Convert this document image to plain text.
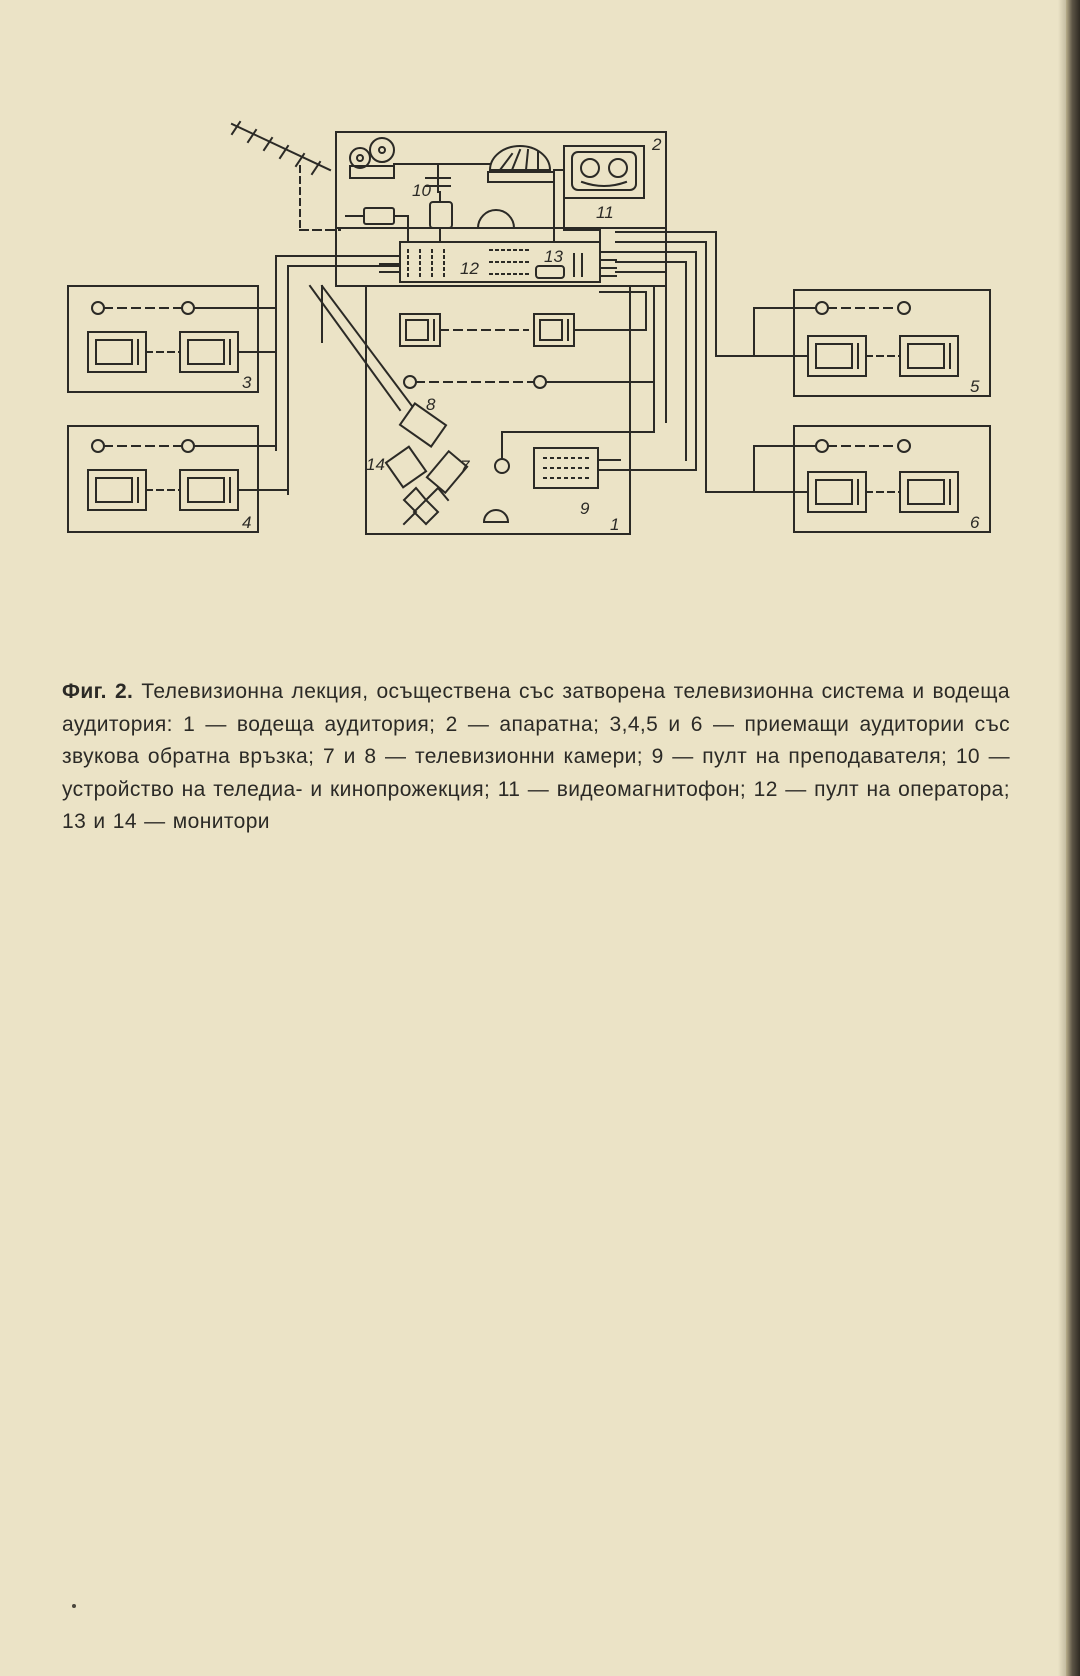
2
10
11
12
13
3
4
5
6
8
7
14
9
1
Фиг. 2. Телевизионна лекция, осъществена със затворена телевизионна система и водеща аудитория: 1 — водеща аудитория; 2 — апаратна; 3,4,5 и 6 — приемащи аудитории със звукова обратна връзка; 7 и 8 — телевизионни камери; 9 — пулт на преподавателя; 10 — устройство на теледиа- и кинопрожекция; 11 — видеомагнитофон; 12 — пулт на оператора; 13 и 14 — монитори
